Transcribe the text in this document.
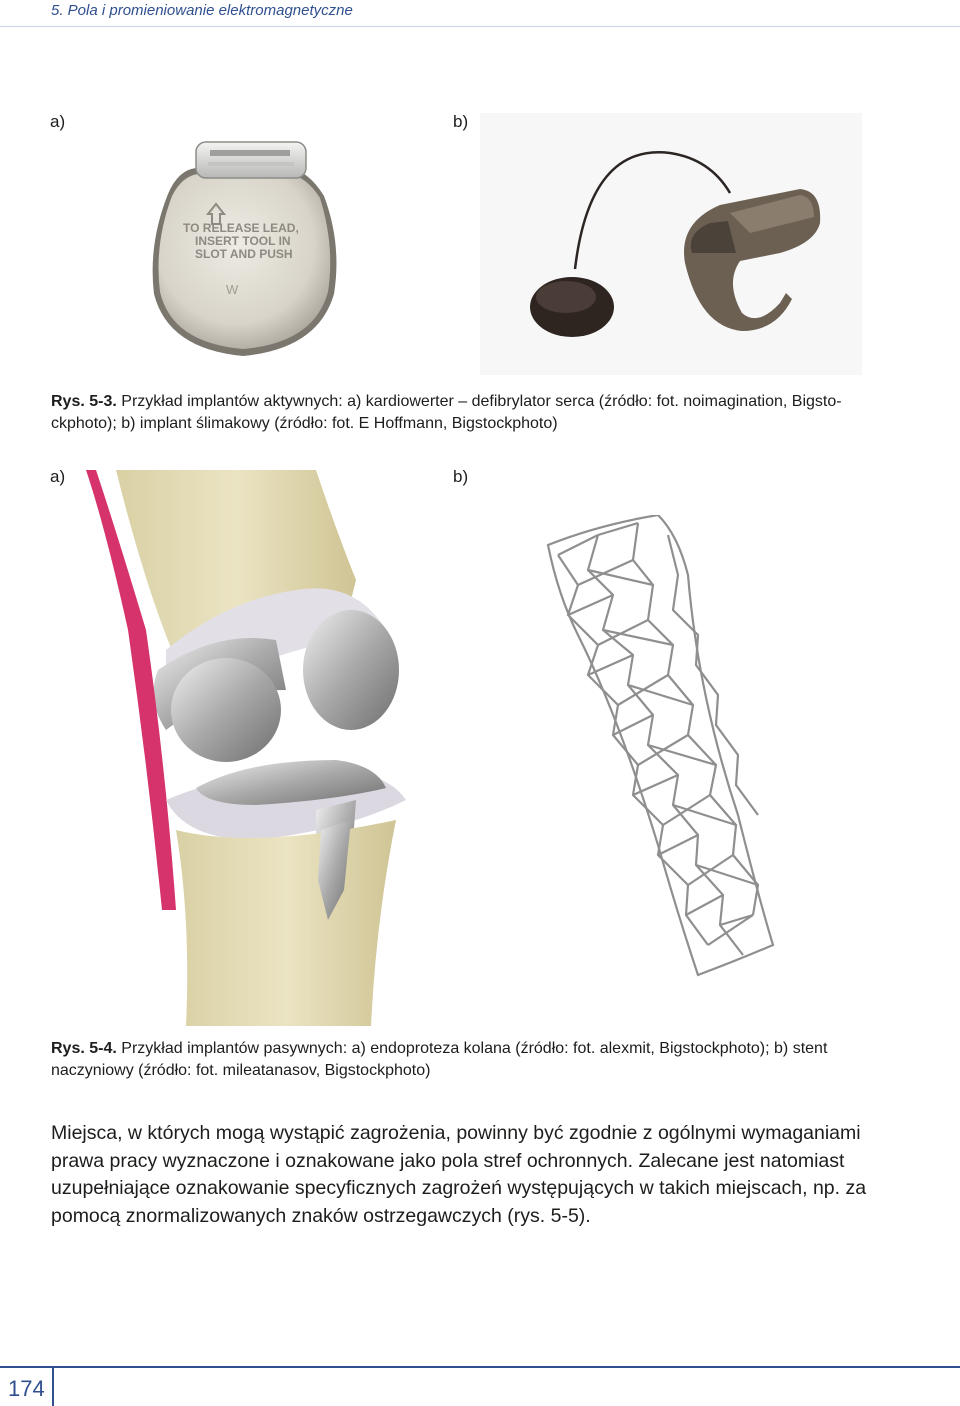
5. Pola i promieniowanie elektromagnetyczne
a)	b)
TO RELEASE LEAD,
INSERT TOOL IN
SLOT AND PUSH
W
Rys. 5-3. Przykład implantów aktywnych: a) kardiowerter – defibrylator serca (źródło: fot. noimagination, Bigsto-ckphoto); b) implant ślimakowy (źródło: fot. E Hoffmann, Bigstockphoto)
a)	b)
Rys. 5-4. Przykład implantów pasywnych: a) endoproteza kolana (źródło: fot. alexmit, Bigstockphoto); b) stent naczyniowy (źródło: fot. mileatanasov, Bigstockphoto)
Miejsca, w których mogą wystąpić zagrożenia, powinny być zgodnie z ogólnymi wymaganiami prawa pracy wyznaczone i oznakowane jako pola stref ochronnych. Zalecane jest natomiast uzupełniające oznakowanie specyficznych zagrożeń występujących w takich miejscach, np. za pomocą znormalizowanych znaków ostrzegawczych (rys. 5-5).
174
